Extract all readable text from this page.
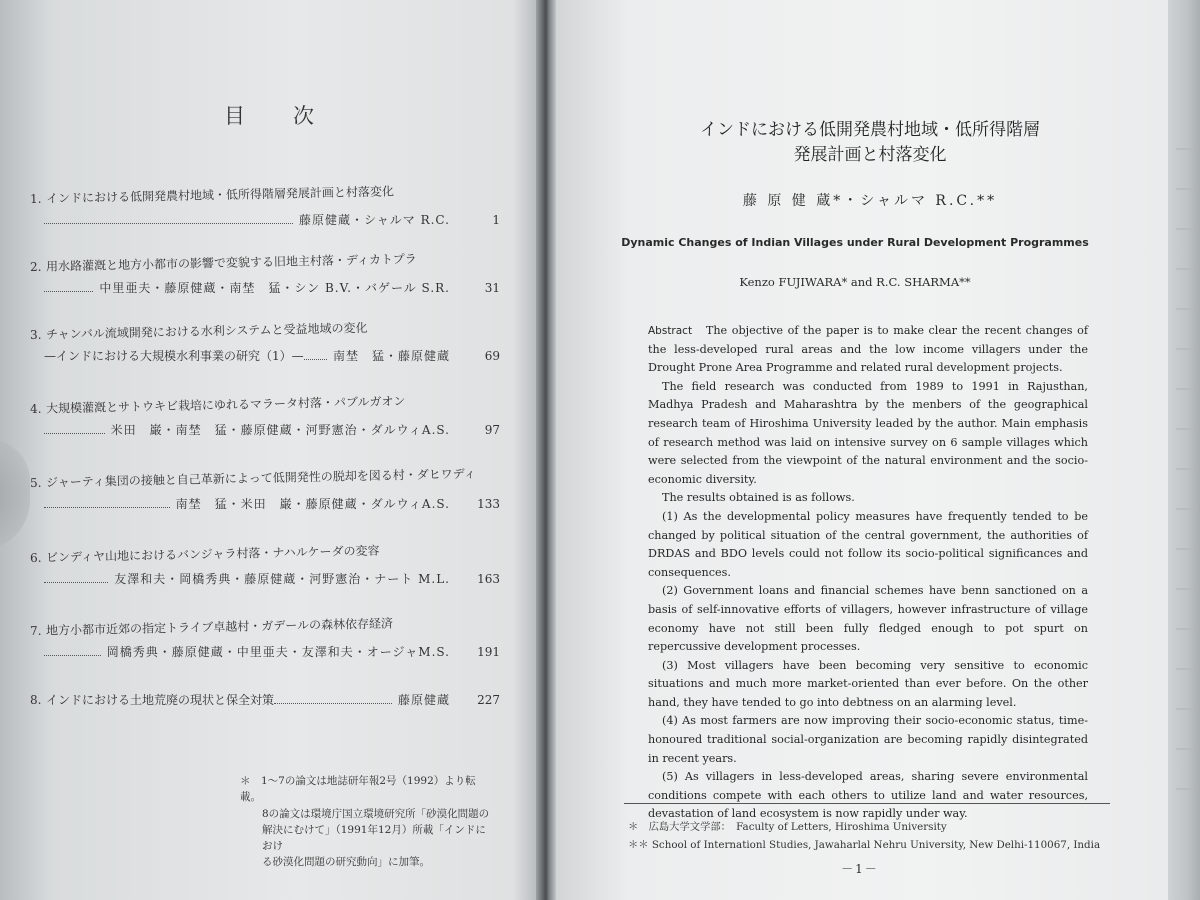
目　　次
1. インドにおける低開発農村地域・低所得階層発展計画と村落変化
藤原健蔵・シャルマ R.C.	1
2. 用水路灌漑と地方小都市の影響で変貌する旧地主村落・ディカトプラ
中里亜夫・藤原健蔵・南埜　猛・シン B.V.・バゲール S.R.	31
3. チャンバル流域開発における水利システムと受益地域の変化
—インドにおける大規模水利事業の研究（1）— 南埜　猛・藤原健蔵	69
4. 大規模灌漑とサトウキビ栽培にゆれるマラータ村落・パブルガオン
米田　巌・南埜　猛・藤原健蔵・河野憲治・ダルウィA.S.	97
5. ジャーティ集団の接触と自己革新によって低開発性の脱却を図る村・ダヒワディ
南埜　猛・米田　巌・藤原健蔵・ダルウィA.S.	133
6. ビンディヤ山地におけるバンジャラ村落・ナハルケーダの変容
友澤和夫・岡橋秀典・藤原健蔵・河野憲治・ナート M.L.	163
7. 地方小都市近郊の指定トライブ卓越村・ガデールの森林依存経済
岡橋秀典・藤原健蔵・中里亜夫・友澤和夫・オージャM.S.	191
8. インドにおける土地荒廃の現状と保全対策	藤原健蔵	227
＊　1〜7の論文は地誌研年報2号（1992）より転載。
8の論文は環境庁国立環境研究所「砂漠化問題の
解決にむけて」（1991年12月）所載「インドにおけ
る砂漠化問題の研究動向」に加筆。
インドにおける低開発農村地域・低所得階層
発展計画と村落変化
藤 原 健 蔵*・シャルマ R.C.**
Dynamic Changes of Indian Villages under Rural Development Programmes
Kenzo FUJIWARA* and R.C. SHARMA**

Abstract The objective of the paper is to make clear the recent changes of the less-developed rural areas and the low income villagers under the Drought Prone Area Programme and related rural development projects.

The field research was conducted from 1989 to 1991 in Rajusthan, Madhya Pradesh and Maharashtra by the menbers of the geographical research team of Hiroshima University leaded by the author. Main emphasis of research method was laid on intensive survey on 6 sample villages which were selected from the viewpoint of the natural environment and the socio-economic diversity.

The results obtained is as follows.

(1) As the developmental policy measures have frequently tended to be changed by political situation of the central government, the authorities of DRDAS and BDO levels could not follow its socio-political significances and consequences.

(2) Government loans and financial schemes have benn sanctioned on a basis of self-innovative efforts of villagers, however infrastructure of village economy have not still been fully fledged enough to pot spurt on repercussive development processes.

(3) Most villagers have been becoming very sensitive to economic situations and much more market-oriented than ever before. On the other hand, they have tended to go into debtness on an alarming level.

(4) As most farmers are now improving their socio-economic status, time-honoured traditional social-organization are becoming rapidly disintegrated in recent years.

(5) As villagers in less-developed areas, sharing severe environmental conditions compete with each others to utilize land and water resources, devastation of land ecosystem is now rapidly under way.

＊　広島大学文学部：　Faculty of Letters, Hiroshima University
＊＊ School of Internationl Studies, Jawaharlal Nehru University, New Delhi-110067, India
－1－
